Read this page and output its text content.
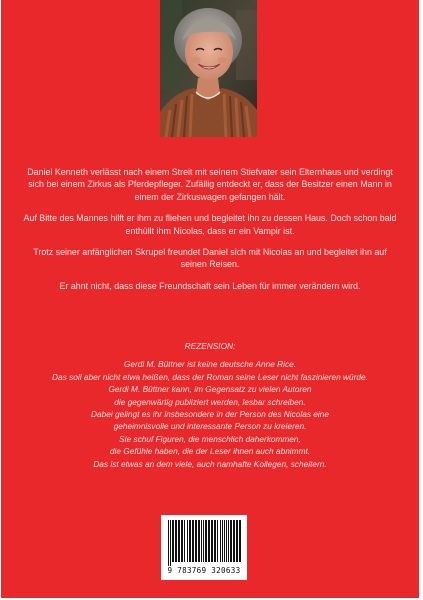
Daniel Kenneth verlässt nach einem Streit mit seinem Stiefvater sein Elternhaus und verdingt sich bei einem Zirkus als Pferdepfleger. Zufällig entdeckt er, dass der Besitzer einen Mann in einem der Zirkuswagen gefangen hält.

Auf Bitte des Mannes hilft er ihm zu fliehen und begleitet ihn zu dessen Haus. Doch schon bald enthüllt ihm Nicolas, dass er ein Vampir ist.

Trotz seiner anfänglichen Skrupel freundet Daniel sich mit Nicolas an und begleitet ihn auf seinen Reisen.

Er ahnt nicht, dass diese Freundschaft sein Leben für immer verändern wird.

REZENSION:
Gerdi M. Büttner ist keine deutsche Anne Rice.
Das soll aber nicht etwa heißen, dass der Roman seine Leser nicht faszinieren würde.
Gerdi M. Büttner kann, im Gegensatz zu vielen Autoren
die gegenwärtig publiziert werden, lesbar schreiben.
Dabei gelingt es ihr insbesondere in der Person des Nicolas eine
geheimnisvolle und interessante Person zu kreieren.
Sie schuf Figuren, die menschlich daherkommen,
die Gefühle haben, die der Leser ihnen auch abnimmt.
Das ist etwas an dem viele, auch namhafte Kollegen, scheitern.
9 783769 320633
